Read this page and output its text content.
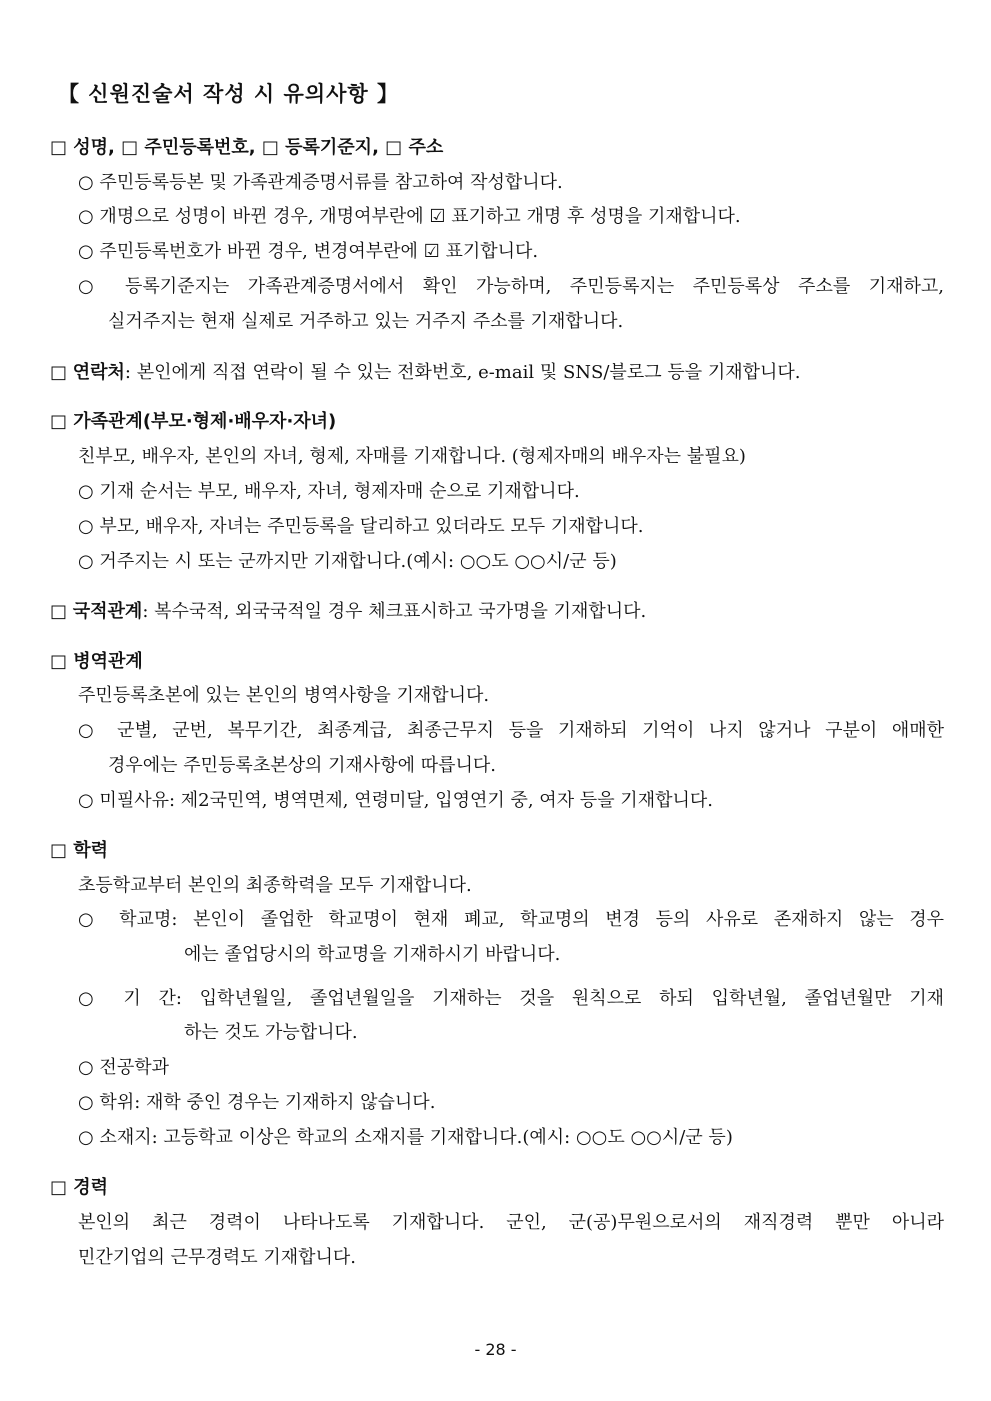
【 신원진술서 작성 시 유의사항 】
□ 성명, □ 주민등록번호, □ 등록기준지, □ 주소
○ 주민등록등본 및 가족관계증명서류를 참고하여 작성합니다.
○ 개명으로 성명이 바뀐 경우, 개명여부란에 ☑ 표기하고 개명 후 성명을 기재합니다.
○ 주민등록번호가 바뀐 경우, 변경여부란에 ☑ 표기합니다.
○ 등록기준지는 가족관계증명서에서 확인 가능하며, 주민등록지는 주민등록상 주소를 기재하고,
실거주지는 현재 실제로 거주하고 있는 거주지 주소를 기재합니다.
□ 연락처: 본인에게 직접 연락이 될 수 있는 전화번호, e-mail 및 SNS/블로그 등을 기재합니다.
□ 가족관계(부모·형제·배우자·자녀)
친부모, 배우자, 본인의 자녀, 형제, 자매를 기재합니다. (형제자매의 배우자는 불필요)
○ 기재 순서는 부모, 배우자, 자녀, 형제자매 순으로 기재합니다.
○ 부모, 배우자, 자녀는 주민등록을 달리하고 있더라도 모두 기재합니다.
○ 거주지는 시 또는 군까지만 기재합니다.(예시: ○○도 ○○시/군 등)
□ 국적관계: 복수국적, 외국국적일 경우 체크표시하고 국가명을 기재합니다.
□ 병역관계
주민등록초본에 있는 본인의 병역사항을 기재합니다.
○ 군별, 군번, 복무기간, 최종계급, 최종근무지 등을 기재하되 기억이 나지 않거나 구분이 애매한
경우에는 주민등록초본상의 기재사항에 따릅니다.
○ 미필사유: 제2국민역, 병역면제, 연령미달, 입영연기 중, 여자 등을 기재합니다.
□ 학력
초등학교부터 본인의 최종학력을 모두 기재합니다.
○ 학교명: 본인이 졸업한 학교명이 현재 폐교, 학교명의 변경 등의 사유로 존재하지 않는 경우
에는 졸업당시의 학교명을 기재하시기 바랍니다.
○ 기 간: 입학년월일, 졸업년월일을 기재하는 것을 원칙으로 하되 입학년월, 졸업년월만 기재
하는 것도 가능합니다.
○ 전공학과
○ 학위: 재학 중인 경우는 기재하지 않습니다.
○ 소재지: 고등학교 이상은 학교의 소재지를 기재합니다.(예시: ○○도 ○○시/군 등)
□ 경력
본인의 최근 경력이 나타나도록 기재합니다. 군인, 군(공)무원으로서의 재직경력 뿐만 아니라
민간기업의 근무경력도 기재합니다.
- 28 -
